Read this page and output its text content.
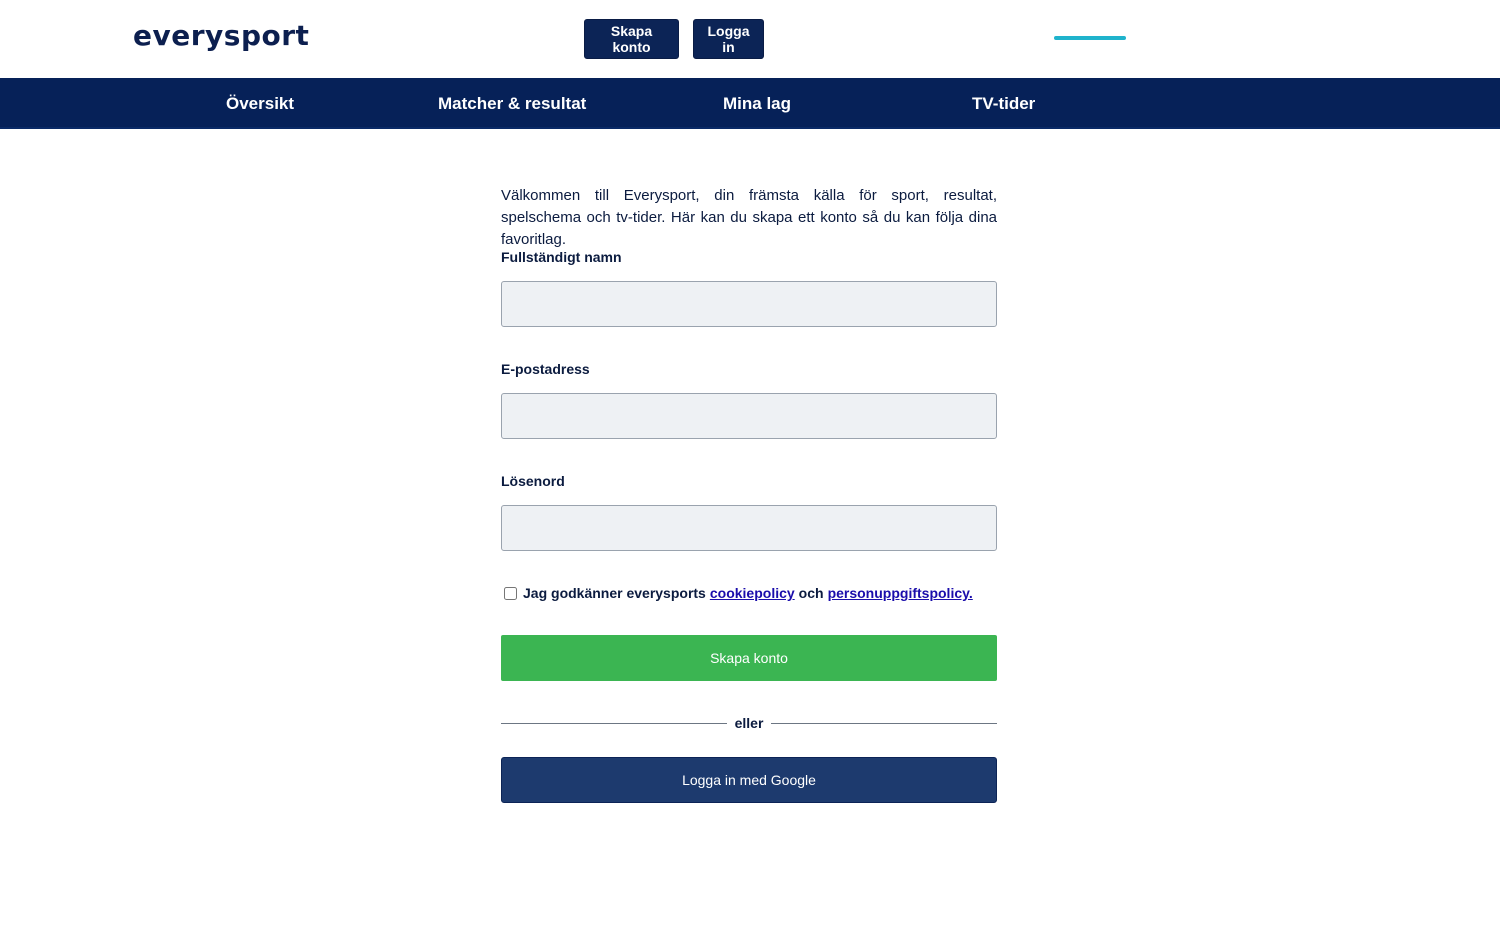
everysport	Skapa konto
Logga in
Översikt	Matcher & resultat	Mina lag	TV-tider

Välkommen till Everysport, din främsta källa för sport, resultat, spelschema och tv-tider. Här kan du skapa ett konto så du kan följa dina favoritlag.

Fullständigt namn
E-postadress
Lösenord
Jag godkänner everysports cookiepolicy och personuppgiftspolicy.
Skapa konto
eller
Logga in med Google
